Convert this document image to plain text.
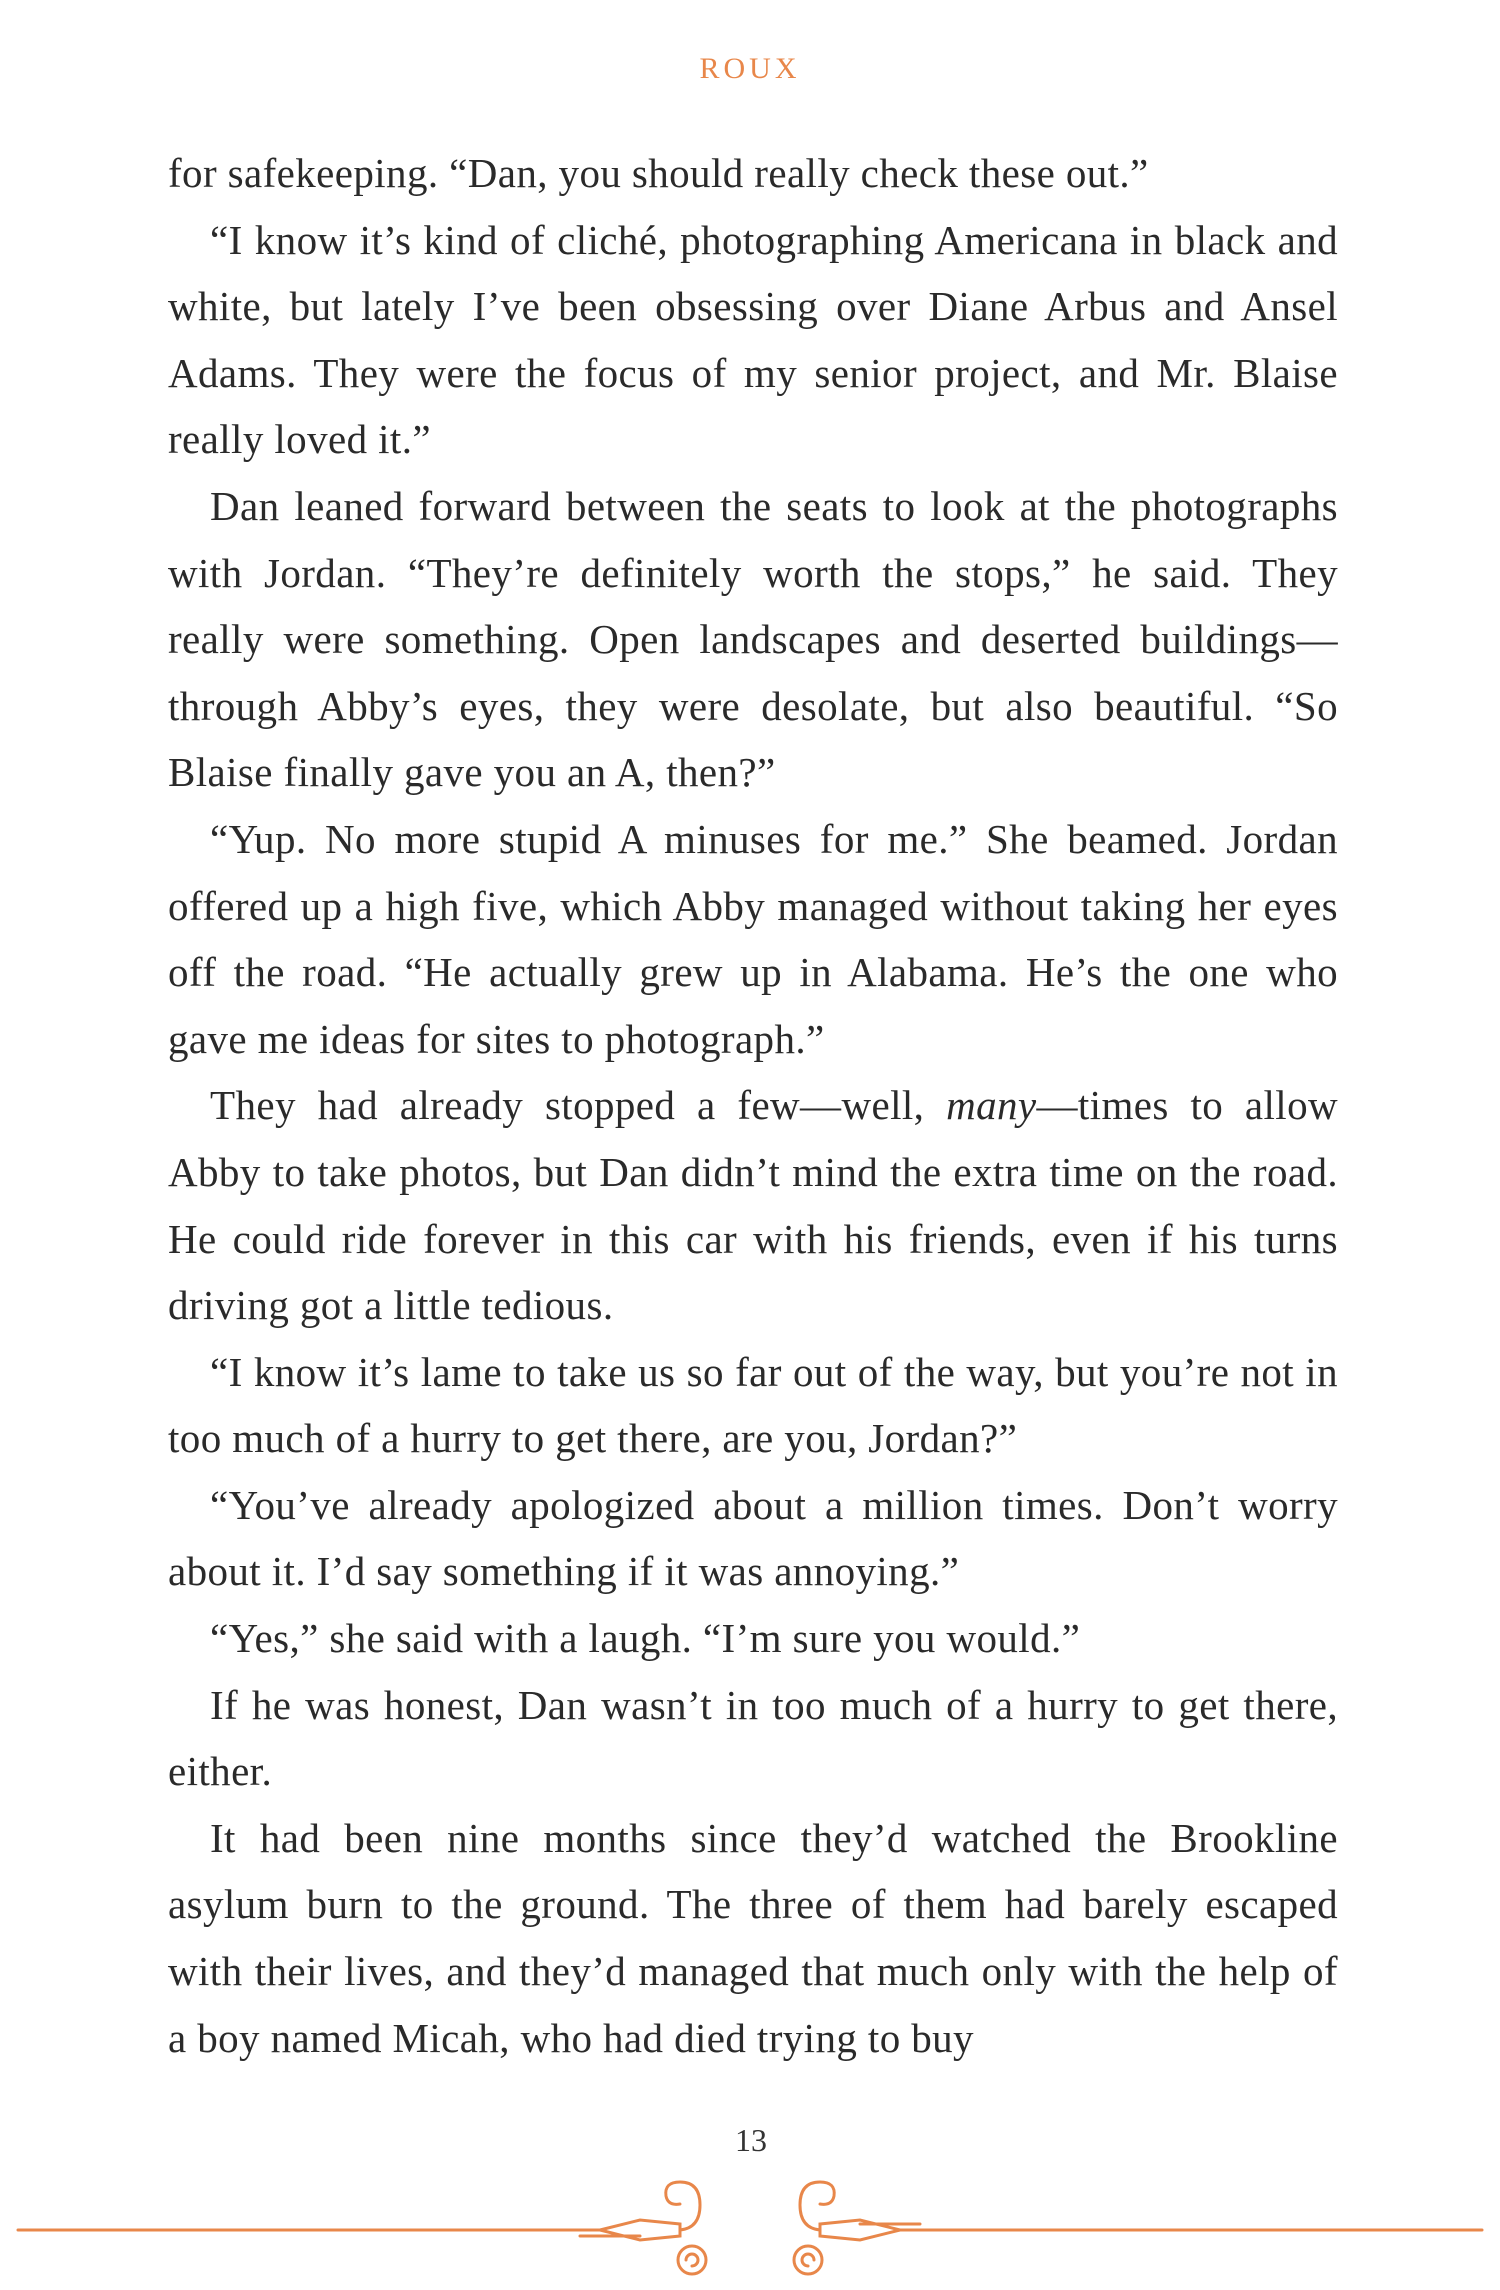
ROUX

for safekeeping. “Dan, you should really check these out.”

“I know it’s kind of cliché, photographing Americana in black and white, but lately I’ve been obsessing over Diane Arbus and Ansel Adams. They were the focus of my senior project, and Mr. Blaise really loved it.”

Dan leaned forward between the seats to look at the photographs with Jordan. “They’re definitely worth the stops,” he said. They really were something. Open landscapes and deserted buildings—through Abby’s eyes, they were desolate, but also beautiful. “So Blaise finally gave you an A, then?”

“Yup. No more stupid A minuses for me.” She beamed. Jordan offered up a high five, which Abby managed without taking her eyes off the road. “He actually grew up in Alabama. He’s the one who gave me ideas for sites to photograph.”

They had already stopped a few—well, many—times to allow Abby to take photos, but Dan didn’t mind the extra time on the road. He could ride forever in this car with his friends, even if his turns driving got a little tedious.

“I know it’s lame to take us so far out of the way, but you’re not in too much of a hurry to get there, are you, Jordan?”

“You’ve already apologized about a million times. Don’t worry about it. I’d say something if it was annoying.”

“Yes,” she said with a laugh. “I’m sure you would.”

If he was honest, Dan wasn’t in too much of a hurry to get there, either.

It had been nine months since they’d watched the Brookline asylum burn to the ground. The three of them had barely escaped with their lives, and they’d managed that much only with the help of a boy named Micah, who had died trying to buy

13
